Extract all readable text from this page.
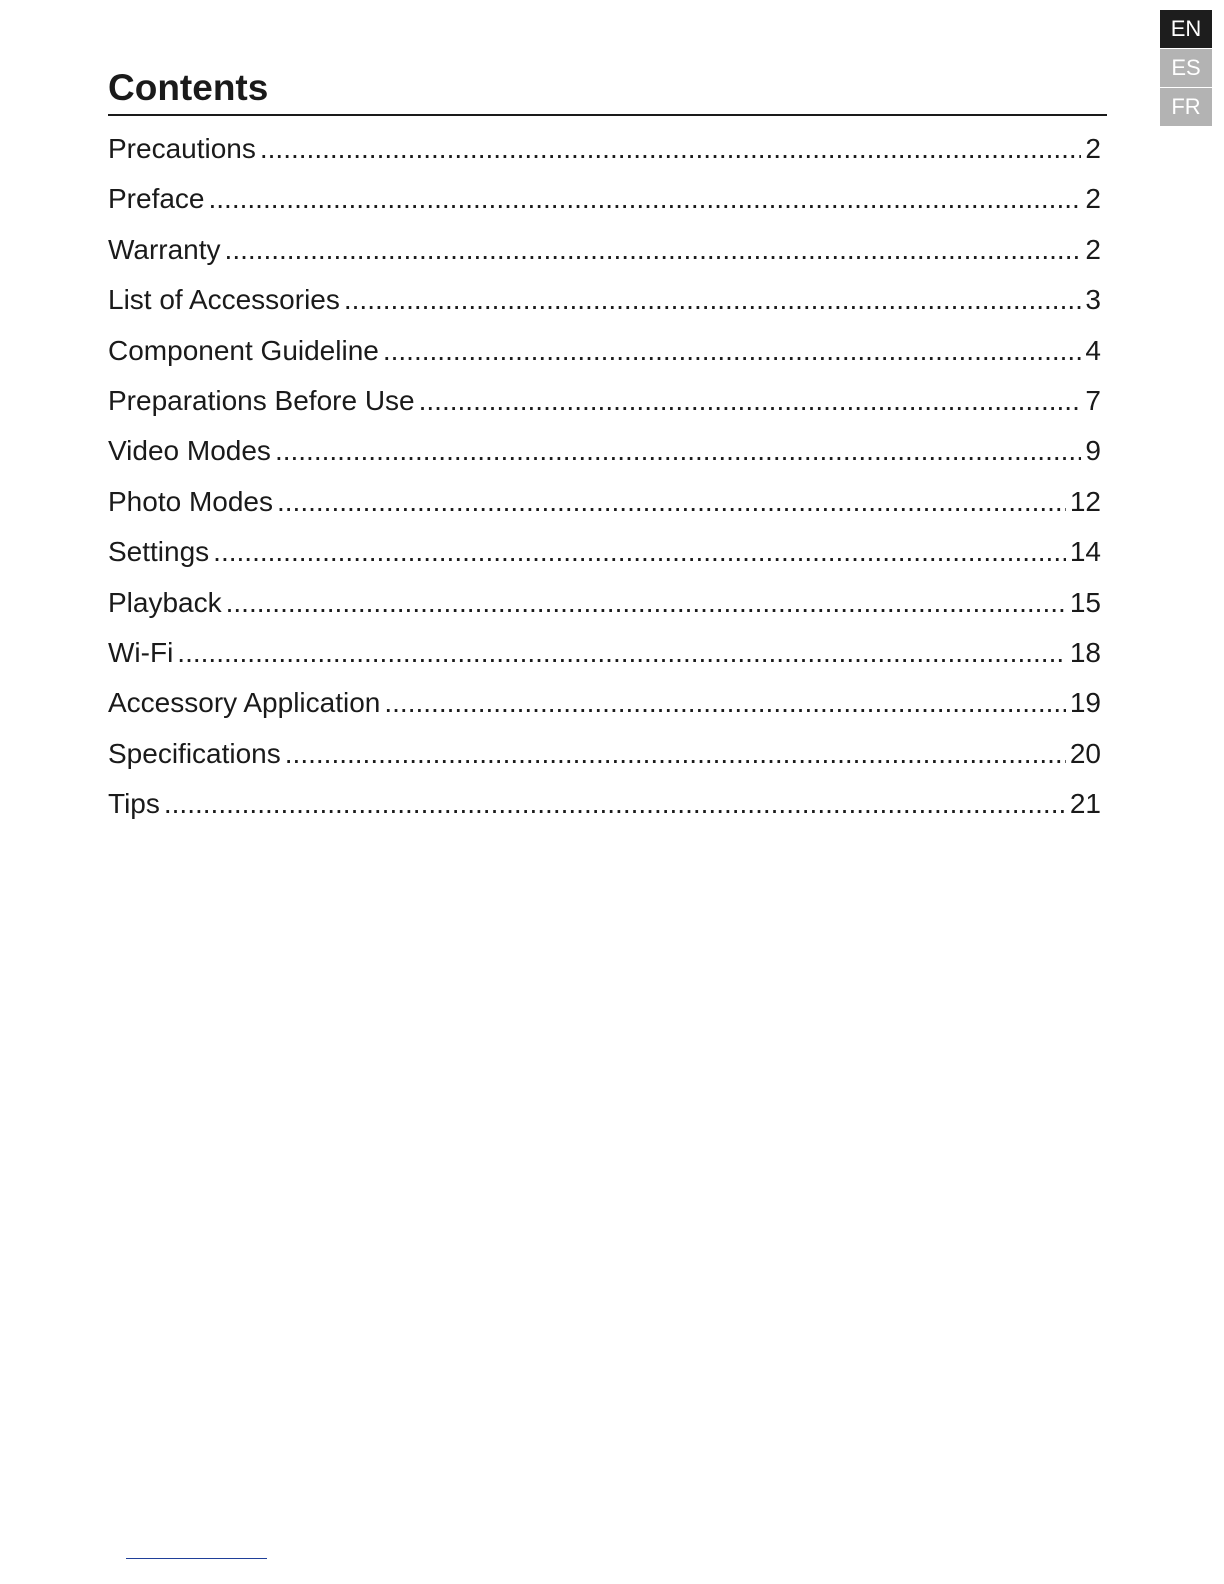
EN
ES
FR
Contents
Precautions .....	2
Preface .....	2
Warranty .....	2
List of Accessories .....	3
Component Guideline .....	4
Preparations Before Use .....	7
Video Modes .....	9
Photo Modes .....	12
Settings .....	14
Playback .....	15
Wi-Fi .....	18
Accessory Application .....	19
Specifications .....	20
Tips .....	21
